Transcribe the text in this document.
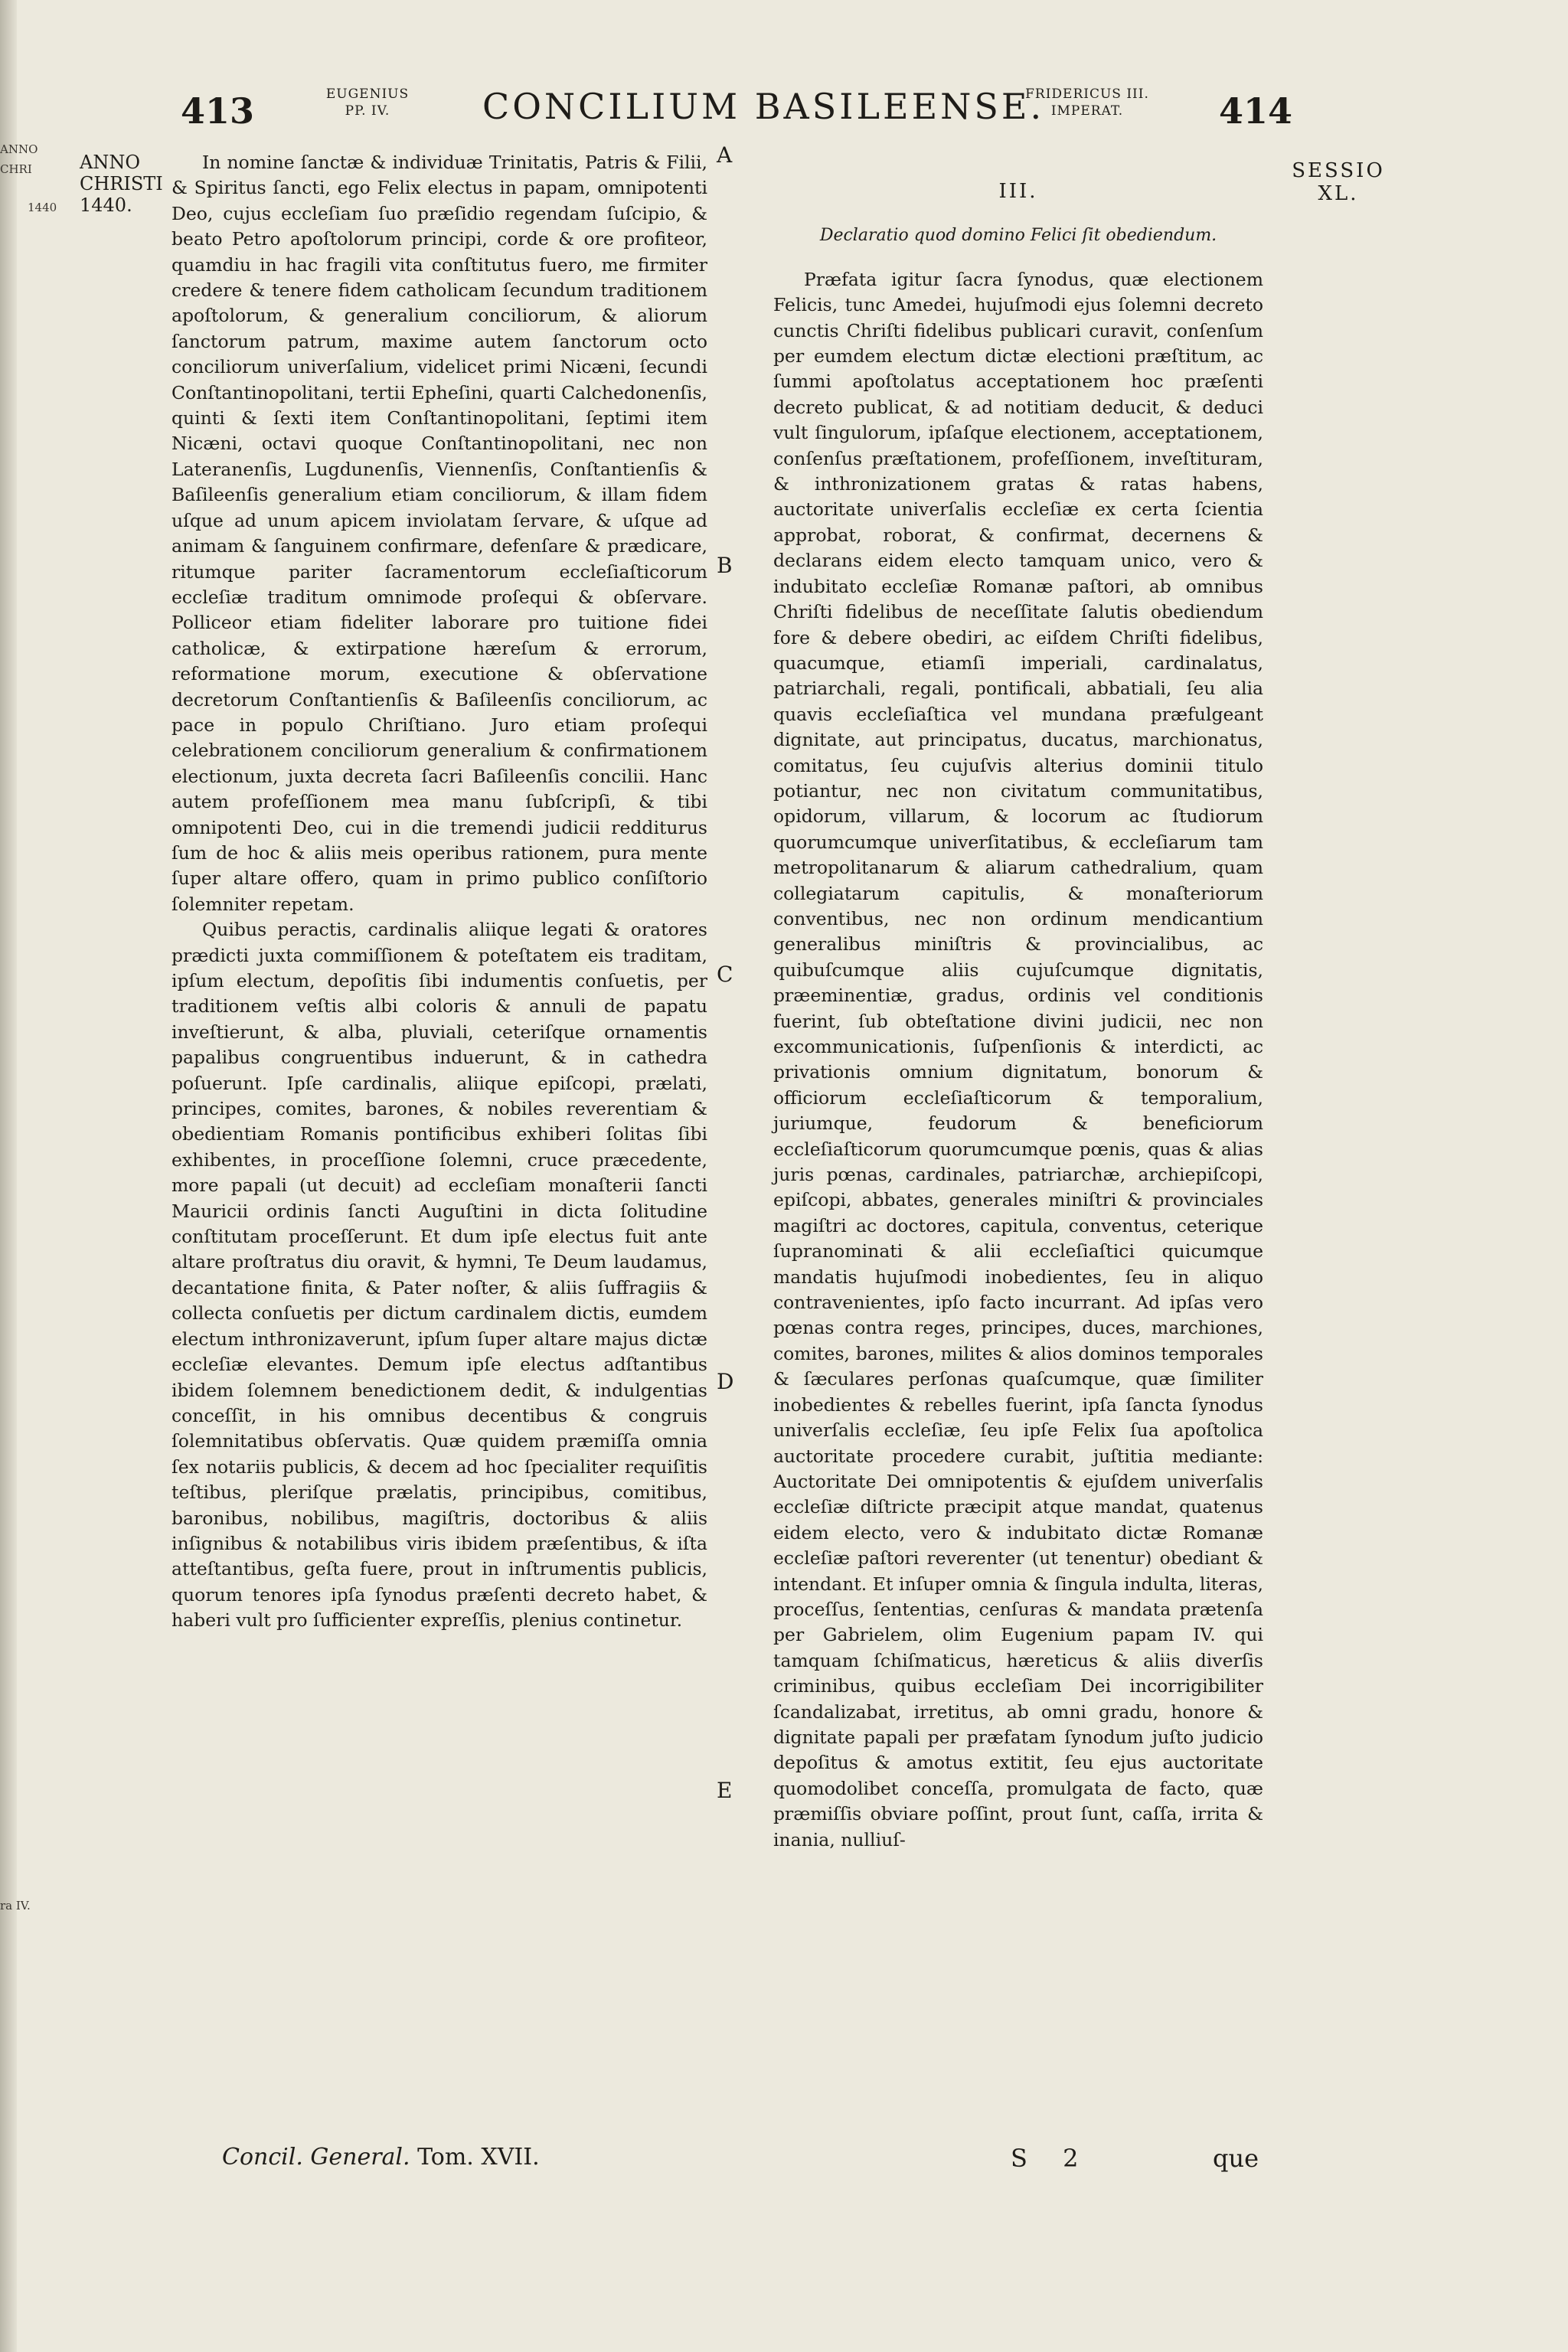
ANNO
CHRI
1440
ra IV.
413	EUGENIUS
PP. IV.	CONCILIUM BASILEENSE.
FRIDERICUS III.
IMPERAT.	414
ANNO
CHRISTI
1440.
SESSIO
XL.
A
B
C
D
E

In nomine ſanctæ & individuæ Trinitatis, Patris & Filii, & Spiritus ſancti, ego Felix electus in papam, omnipotenti Deo, cujus eccleſiam ſuo præſidio regendam ſuſcipio, & beato Petro apoſtolorum principi, corde & ore profiteor, quamdiu in hac fragili vita conſtitutus fuero, me firmiter credere & tenere fidem catholicam ſecundum traditionem apoſtolorum, & generalium conciliorum, & aliorum ſanctorum patrum, maxime autem ſanctorum octo conciliorum univerſalium, videlicet primi Nicæni, ſecundi Conſtantinopolitani, tertii Epheſini, quarti Calchedonenſis, quinti & ſexti item Conſtantinopolitani, ſeptimi item Nicæni, octavi quoque Conſtantinopolitani, nec non Lateranenſis, Lugdunenſis, Viennenſis, Conſtantienſis & Baſileenſis generalium etiam conciliorum, & illam fidem uſque ad unum apicem inviolatam ſervare, & uſque ad animam & ſanguinem confirmare, defenſare & prædicare, ritumque pariter ſacramentorum eccleſiaſticorum eccleſiæ traditum omnimode proſequi & obſervare. Polliceor etiam fideliter laborare pro tuitione fidei catholicæ, & extirpatione hæreſum & errorum, reformatione morum, executione & obſervatione decretorum Conſtantienſis & Baſileenſis conciliorum, ac pace in populo Chriſtiano. Juro etiam proſequi celebrationem conciliorum generalium & confirmationem electionum, juxta decreta ſacri Baſileenſis concilii. Hanc autem profeſſionem mea manu ſubſcripſi, & tibi omnipotenti Deo, cui in die tremendi judicii redditurus ſum de hoc & aliis meis operibus rationem, pura mente ſuper altare offero, quam in primo publico conſiſtorio ſolemniter repetam.

Quibus peractis, cardinalis aliique legati & oratores prædicti juxta commiſſionem & poteſtatem eis traditam, ipſum electum, depoſitis ſibi indumentis conſuetis, per traditionem veſtis albi coloris & annuli de papatu inveſtierunt, & alba, pluviali, ceteriſque ornamentis papalibus congruentibus induerunt, & in cathedra poſuerunt. Ipſe cardinalis, aliique epiſcopi, prælati, principes, comites, barones, & nobiles reverentiam & obedientiam Romanis pontificibus exhiberi ſolitas ſibi exhibentes, in proceſſione ſolemni, cruce præcedente, more papali (ut decuit) ad eccleſiam monaſterii ſancti Mauricii ordinis ſancti Auguſtini in dicta ſolitudine conſtitutam proceſſerunt. Et dum ipſe electus fuit ante altare proſtratus diu oravit, & hymni, Te Deum laudamus, decantatione finita, & Pater noſter, & aliis ſuffragiis & collecta conſuetis per dictum cardinalem dictis, eumdem electum inthronizaverunt, ipſum ſuper altare majus dictæ eccleſiæ elevantes. Demum ipſe electus adſtantibus ibidem ſolemnem benedictionem dedit, & indulgentias conceſſit, in his omnibus decentibus & congruis ſolemnitatibus obſervatis. Quæ quidem præmiſſa omnia ſex notariis publicis, & decem ad hoc ſpecialiter requiſitis teſtibus, pleriſque prælatis, principibus, comitibus, baronibus, nobilibus, magiſtris, doctoribus & aliis inſignibus & notabilibus viris ibidem præſentibus, & iſta atteſtantibus, geſta fuere, prout in inſtrumentis publicis, quorum tenores ipſa ſynodus præſenti decreto habet, & haberi vult pro ſufficienter expreſſis, plenius continetur.

III.
Declaratio quod domino Felici ſit obediendum.

Præfata igitur ſacra ſynodus, quæ electionem Felicis, tunc Amedei, hujuſmodi ejus ſolemni decreto cunctis Chriſti fidelibus publicari curavit, conſenſum per eumdem electum dictæ electioni præſtitum, ac ſummi apoſtolatus acceptationem hoc præſenti decreto publicat, & ad notitiam deducit, & deduci vult ſingulorum, ipſaſque electionem, acceptationem, conſenſus præſtationem, profeſſionem, inveſtituram, & inthronizationem gratas & ratas habens, auctoritate univerſalis eccleſiæ ex certa ſcientia approbat, roborat, & confirmat, decernens & declarans eidem electo tamquam unico, vero & indubitato eccleſiæ Romanæ paſtori, ab omnibus Chriſti fidelibus de neceſſitate ſalutis obediendum fore & debere obediri, ac eiſdem Chriſti fidelibus, quacumque, etiamſi imperiali, cardinalatus, patriarchali, regali, pontificali, abbatiali, ſeu alia quavis eccleſiaſtica vel mundana præfulgeant dignitate, aut principatus, ducatus, marchionatus, comitatus, ſeu cujuſvis alterius dominii titulo potiantur, nec non civitatum communitatibus, opidorum, villarum, & locorum ac ſtudiorum quorumcumque univerſitatibus, & eccleſiarum tam metropolitanarum & aliarum cathedralium, quam collegiatarum capitulis, & monaſteriorum conventibus, nec non ordinum mendicantium generalibus miniſtris & provincialibus, ac quibuſcumque aliis cujuſcumque dignitatis, præeminentiæ, gradus, ordinis vel conditionis fuerint, ſub obteſtatione divini judicii, nec non excommunicationis, ſuſpenſionis & interdicti, ac privationis omnium dignitatum, bonorum & officiorum eccleſiaſticorum & temporalium, juriumque, feudorum & beneficiorum eccleſiaſticorum quorumcumque pœnis, quas & alias juris pœnas, cardinales, patriarchæ, archiepiſcopi, epiſcopi, abbates, generales miniſtri & provinciales magiſtri ac doctores, capitula, conventus, ceterique ſupranominati & alii eccleſiaſtici quicumque mandatis hujuſmodi inobedientes, ſeu in aliquo contravenientes, ipſo facto incurrant. Ad ipſas vero pœnas contra reges, principes, duces, marchiones, comites, barones, milites & alios dominos temporales & ſæculares perſonas quaſcumque, quæ ſimiliter inobedientes & rebelles fuerint, ipſa ſancta ſynodus univerſalis eccleſiæ, ſeu ipſe Felix ſua apoſtolica auctoritate procedere curabit, juſtitia mediante: Auctoritate Dei omnipotentis & ejuſdem univerſalis eccleſiæ diſtricte præcipit atque mandat, quatenus eidem electo, vero & indubitato dictæ Romanæ eccleſiæ paſtori reverenter (ut tenentur) obediant & intendant. Et inſuper omnia & ſingula indulta, literas, proceſſus, ſententias, cenſuras & mandata prætenſa per Gabrielem, olim Eugenium papam IV. qui tamquam ſchiſmaticus, hæreticus & aliis diverſis criminibus, quibus eccleſiam Dei incorrigibiliter ſcandalizabat, irretitus, ab omni gradu, honore & dignitate papali per præfatam ſynodum juſto judicio depoſitus & amotus extitit, ſeu ejus auctoritate quomodolibet conceſſa, promulgata de facto, quæ præmiſſis obviare poſſint, prout ſunt, caſſa, irrita & inania, nulliuſ-

Concil. General. Tom. XVII.	S 2	que
